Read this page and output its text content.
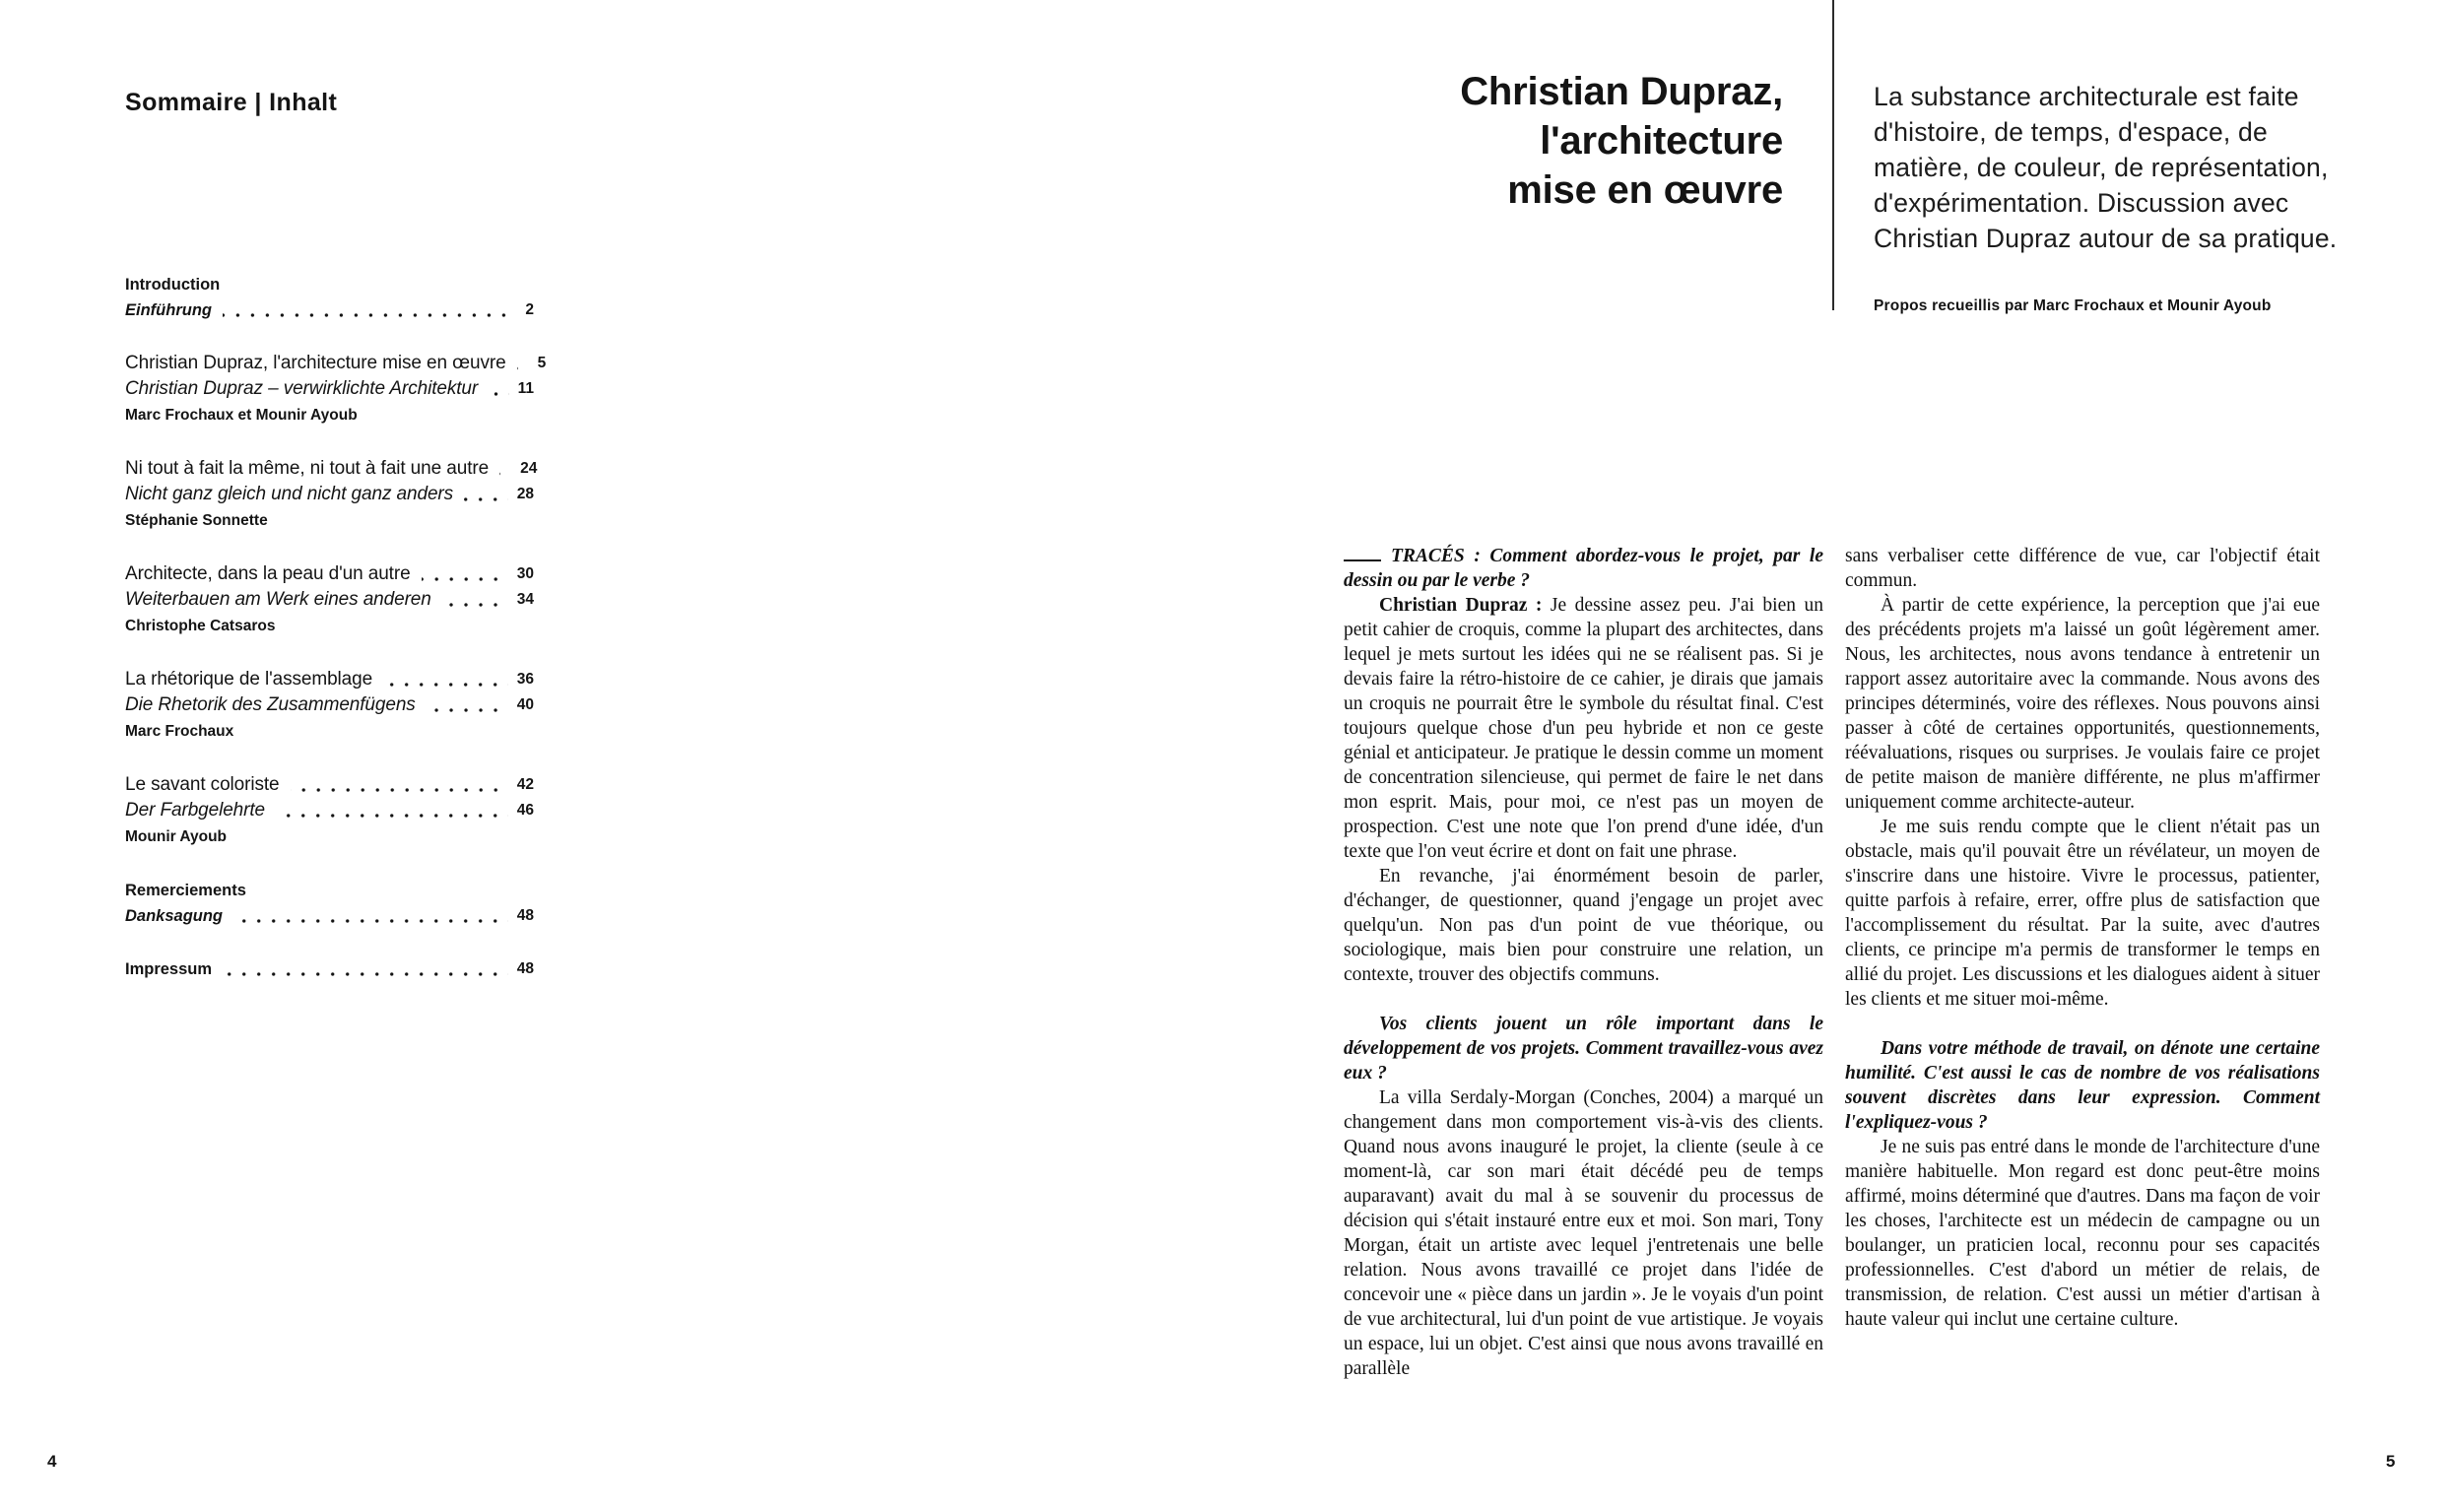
Sommaire | Inhalt
Introduction
Einführung	2
Christian Dupraz, l'architecture mise en œuvre 5
Christian Dupraz – verwirklichte Architektur	11
Marc Frochaux et Mounir Ayoub
Ni tout à fait la même, ni tout à fait une autre 24
Nicht ganz gleich und nicht ganz anders	28
Stéphanie Sonnette
Architecte, dans la peau d'un autre	30
Weiterbauen am Werk eines anderen	34
Christophe Catsaros
La rhétorique de l'assemblage	36
Die Rhetorik des Zusammenfügens	40
Marc Frochaux
Le savant coloriste	42
Der Farbgelehrte	46
Mounir Ayoub
Remerciements
Danksagung	48
Impressum	48
4
Christian Dupraz,
l'architecture
mise en œuvre
La substance architecturale est faite d'histoire, de temps, d'espace, de matière, de couleur, de représentation, d'expérimentation. Discussion avec Christian Dupraz autour de sa pratique.
Propos recueillis par Marc Frochaux et Mounir Ayoub

TRACÉS : Comment abordez-vous le projet, par le dessin ou par le verbe ?

Christian Dupraz : Je dessine assez peu. J'ai bien un petit cahier de croquis, comme la plupart des architectes, dans lequel je mets surtout les idées qui ne se réalisent pas. Si je devais faire la rétro-histoire de ce cahier, je dirais que jamais un croquis ne pourrait être le symbole du résultat final. C'est toujours quelque chose d'un peu hybride et non ce geste génial et anticipateur. Je pratique le dessin comme un moment de concentration silencieuse, qui permet de faire le net dans mon esprit. Mais, pour moi, ce n'est pas un moyen de prospection. C'est une note que l'on prend d'une idée, d'un texte que l'on veut écrire et dont on fait une phrase.

En revanche, j'ai énormément besoin de parler, d'échanger, de questionner, quand j'engage un projet avec quelqu'un. Non pas d'un point de vue théorique, ou sociologique, mais bien pour construire une relation, un contexte, trouver des objectifs communs.

Vos clients jouent un rôle important dans le développement de vos projets. Comment travaillez-vous avez eux ?

La villa Serdaly-Morgan (Conches, 2004) a marqué un changement dans mon comportement vis-à-vis des clients. Quand nous avons inauguré le projet, la cliente (seule à ce moment-là, car son mari était décédé peu de temps auparavant) avait du mal à se souvenir du processus de décision qui s'était instauré entre eux et moi. Son mari, Tony Morgan, était un artiste avec lequel j'entretenais une belle relation. Nous avons travaillé ce projet dans l'idée de concevoir une « pièce dans un jardin ». Je le voyais d'un point de vue architectural, lui d'un point de vue artistique. Je voyais un espace, lui un objet. C'est ainsi que nous avons travaillé en parallèle

sans verbaliser cette différence de vue, car l'objectif était commun.

À partir de cette expérience, la perception que j'ai eue des précédents projets m'a laissé un goût légèrement amer. Nous, les architectes, nous avons tendance à entretenir un rapport assez autoritaire avec la commande. Nous avons des principes déterminés, voire des réflexes. Nous pouvons ainsi passer à côté de certaines opportunités, questionnements, réévaluations, risques ou surprises. Je voulais faire ce projet de petite maison de manière différente, ne plus m'affirmer uniquement comme architecte-auteur.

Je me suis rendu compte que le client n'était pas un obstacle, mais qu'il pouvait être un révélateur, un moyen de s'inscrire dans une histoire. Vivre le processus, patienter, quitte parfois à refaire, errer, offre plus de satisfaction que l'accomplissement du résultat. Par la suite, avec d'autres clients, ce principe m'a permis de transformer le temps en allié du projet. Les discussions et les dialogues aident à situer les clients et me situer moi-même.

Dans votre méthode de travail, on dénote une certaine humilité. C'est aussi le cas de nombre de vos réalisations souvent discrètes dans leur expression. Comment l'expliquez-vous ?

Je ne suis pas entré dans le monde de l'architecture d'une manière habituelle. Mon regard est donc peut-être moins affirmé, moins déterminé que d'autres. Dans ma façon de voir les choses, l'architecte est un médecin de campagne ou un boulanger, un praticien local, reconnu pour ses capacités professionnelles. C'est d'abord un métier de relais, de transmission, de relation. C'est aussi un métier d'artisan à haute valeur qui inclut une certaine culture.

5
